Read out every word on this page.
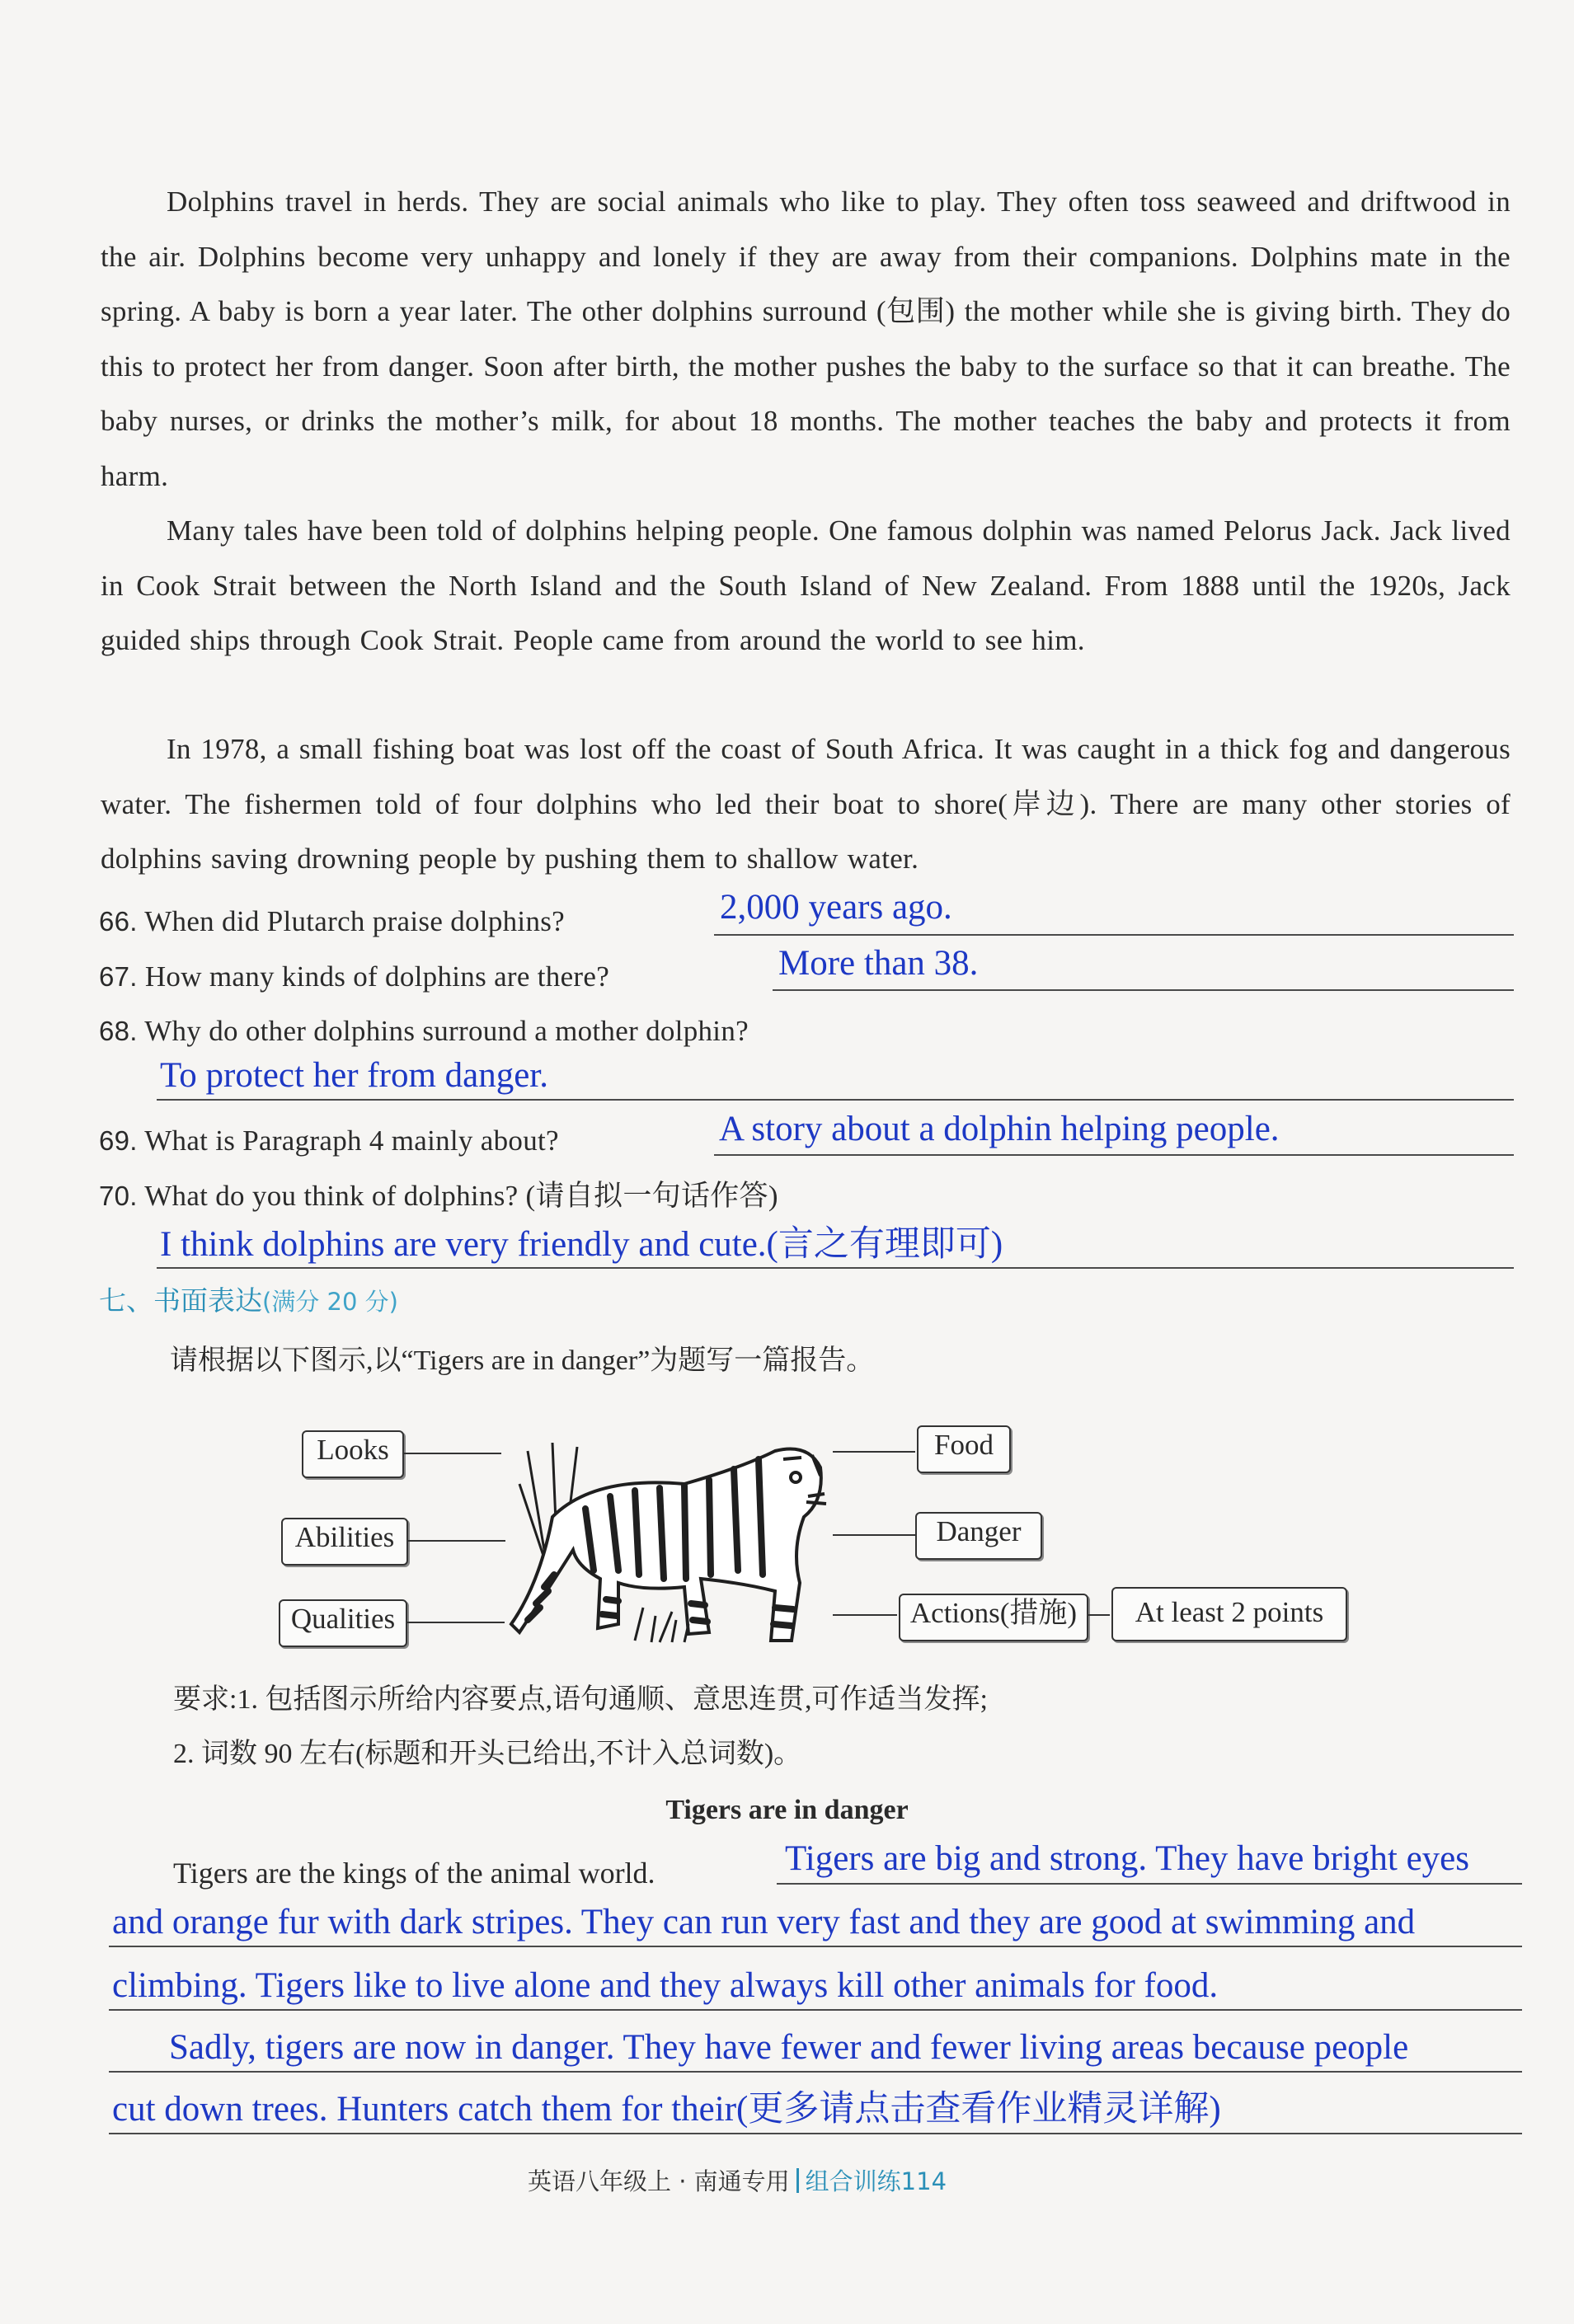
Dolphins travel in herds. They are social animals who like to play. They often toss seaweed and driftwood in the air. Dolphins become very unhappy and lonely if they are away from their companions. Dolphins mate in the spring. A baby is born a year later. The other dolphins surround (包围) the mother while she is giving birth. They do this to protect her from danger. Soon after birth, the mother pushes the baby to the surface so that it can breathe. The baby nurses, or drinks the mother’s milk, for about 18 months. The mother teaches the baby and protects it from harm.
Many tales have been told of dolphins helping people. One famous dolphin was named Pelorus Jack. Jack lived in Cook Strait between the North Island and the South Island of New Zealand. From 1888 until the 1920s, Jack guided ships through Cook Strait. People came from around the world to see him.
In 1978, a small fishing boat was lost off the coast of South Africa. It was caught in a thick fog and dangerous water. The fishermen told of four dolphins who led their boat to shore(岸边). There are many other stories of dolphins saving drowning people by pushing them to shallow water.
66. When did Plutarch praise dolphins?	2,000 years ago.
67. How many kinds of dolphins are there?	More than 38.
68. Why do other dolphins surround a mother dolphin?
To protect her from danger.
69. What is Paragraph 4 mainly about?	A story about a dolphin helping people.
70. What do you think of dolphins? (请自拟一句话作答)
I think dolphins are very friendly and cute.(言之有理即可)
七、书面表达(满分 20 分)
请根据以下图示,以“Tigers are in danger”为题写一篇报告。
Looks
Abilities
Qualities
Food
Danger
Actions(措施)	At least 2 points
要求:1. 包括图示所给内容要点,语句通顺、意思连贯,可作适当发挥;
2. 词数 90 左右(标题和开头已给出,不计入总词数)。
Tigers are in danger
Tigers are the kings of the animal world.	Tigers are big and strong. They have bright eyes
and orange fur with dark stripes. They can run very fast and they are good at swimming and
climbing. Tigers like to live alone and they always kill other animals for food.
Sadly, tigers are now in danger. They have fewer and fewer living areas because people
cut down trees. Hunters catch them for their(更多请点击查看作业精灵详解)
英语八年级上 · 南通专用 组合训练114
